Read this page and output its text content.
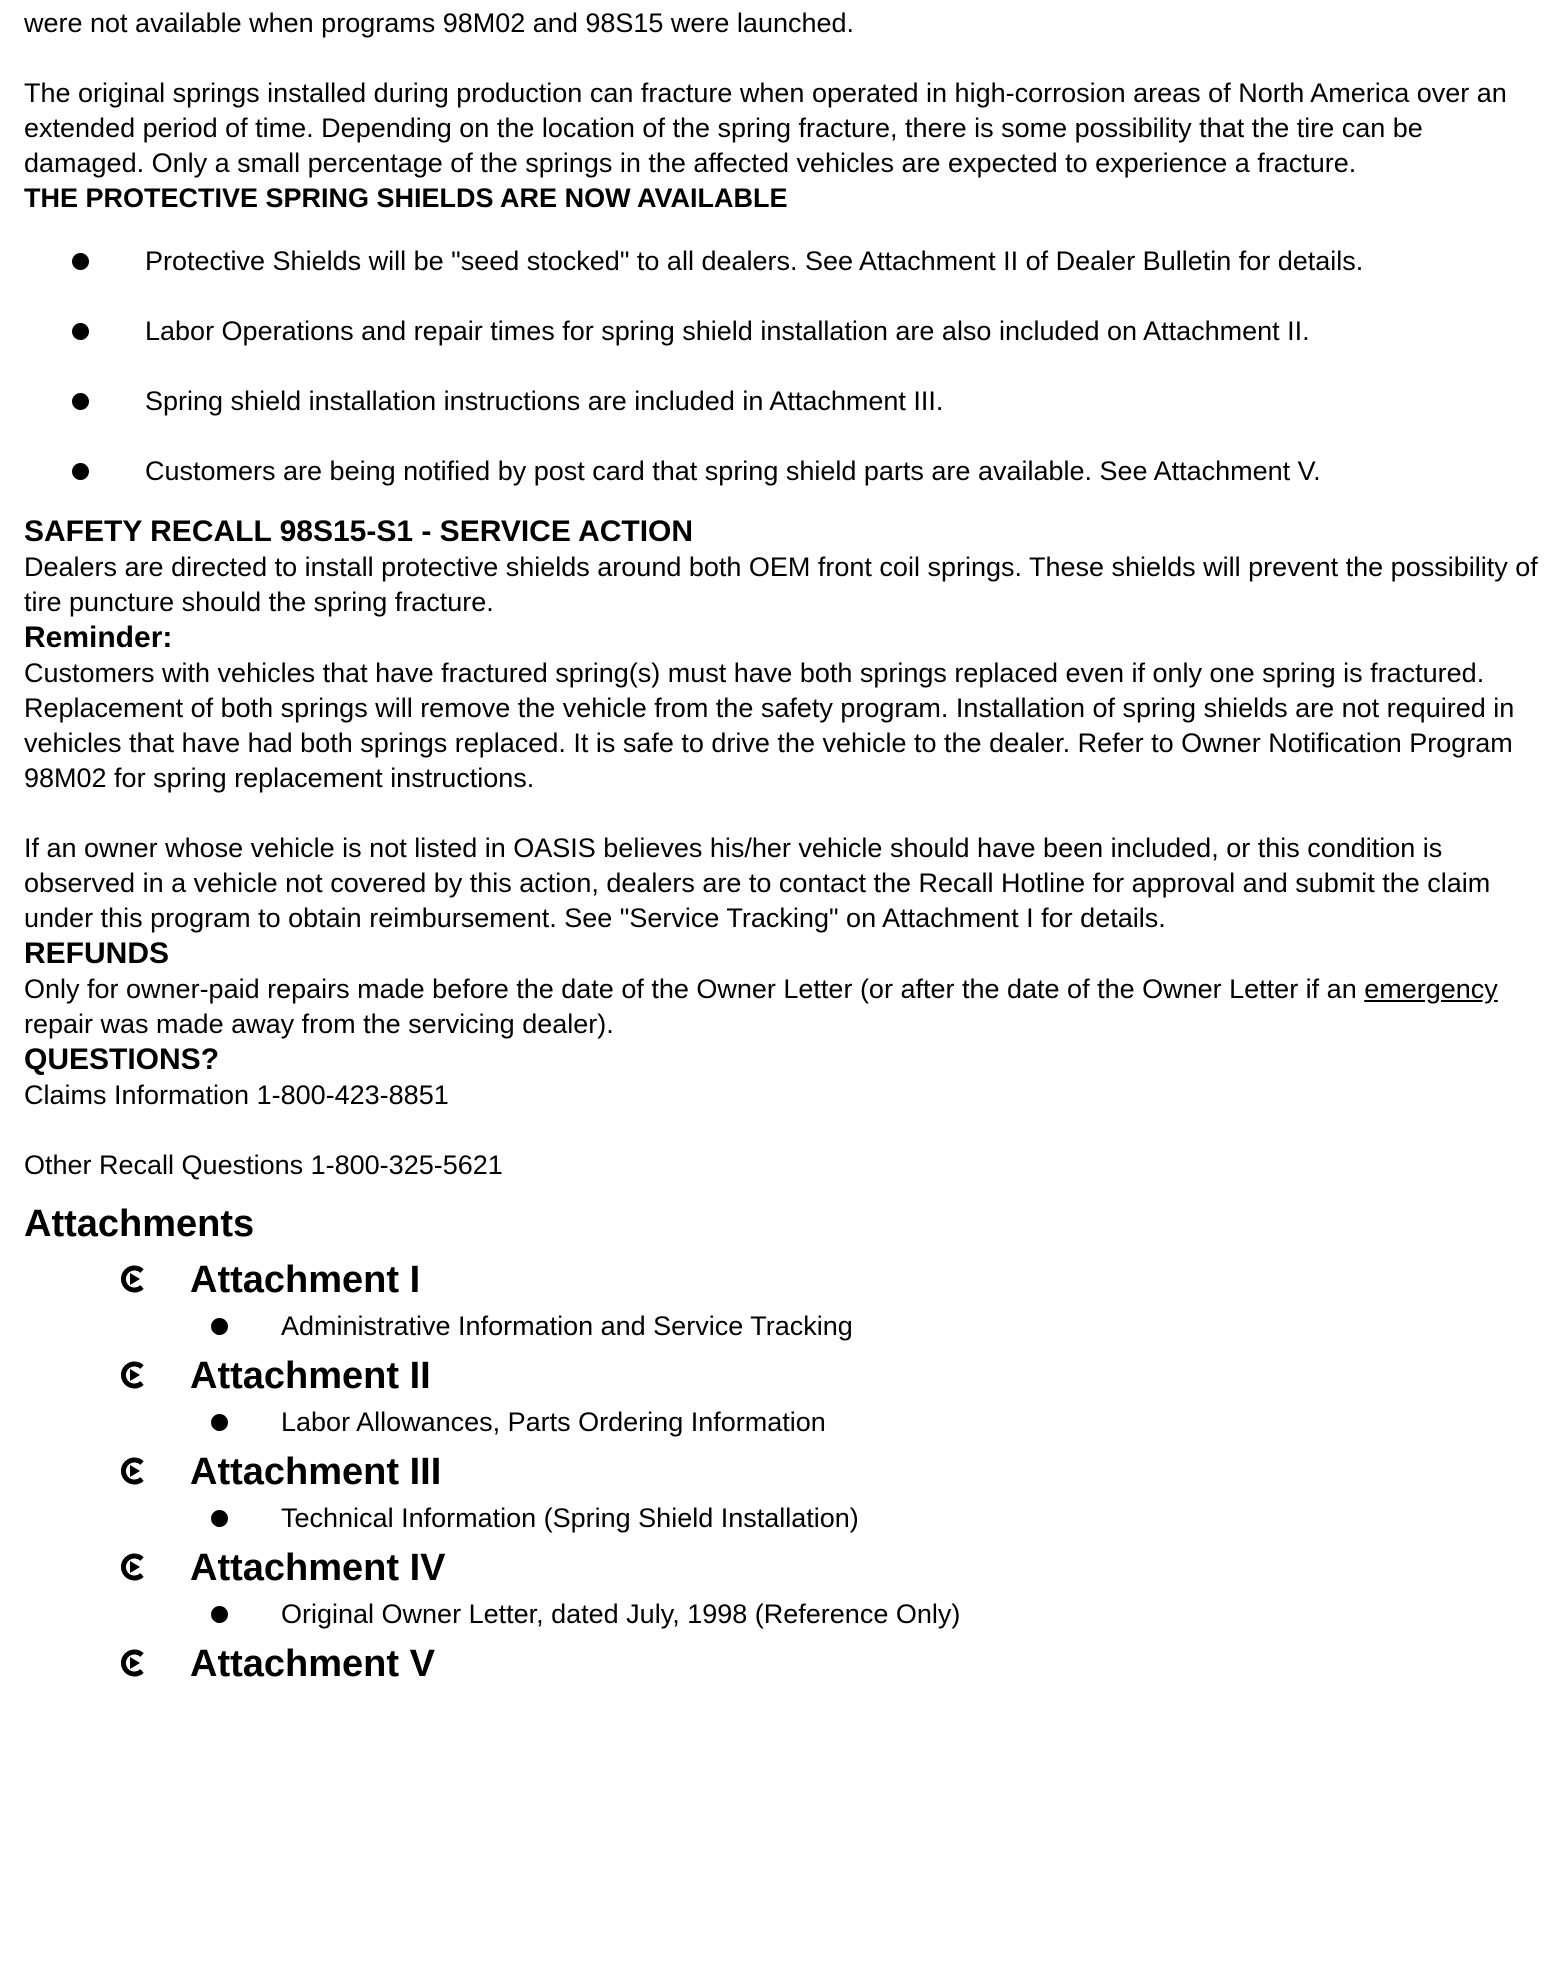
were not available when programs 98M02 and 98S15 were launched.

The original springs installed during production can fracture when operated in high-corrosion areas of North America over an extended period of time. Depending on the location of the spring fracture, there is some possibility that the tire can be damaged. Only a small percentage of the springs in the affected vehicles are expected to experience a fracture.

THE PROTECTIVE SPRING SHIELDS ARE NOW AVAILABLE

Protective Shields will be "seed stocked" to all dealers. See Attachment II of Dealer Bulletin for details.
Labor Operations and repair times for spring shield installation are also included on Attachment II.
Spring shield installation instructions are included in Attachment III.
Customers are being notified by post card that spring shield parts are available. See Attachment V.

SAFETY RECALL 98S15-S1 - SERVICE ACTION

Dealers are directed to install protective shields around both OEM front coil springs. These shields will prevent the possibility of tire puncture should the spring fracture.

Reminder:

Customers with vehicles that have fractured spring(s) must have both springs replaced even if only one spring is fractured. Replacement of both springs will remove the vehicle from the safety program. Installation of spring shields are not required in vehicles that have had both springs replaced. It is safe to drive the vehicle to the dealer. Refer to Owner Notification Program 98M02 for spring replacement instructions.

If an owner whose vehicle is not listed in OASIS believes his/her vehicle should have been included, or this condition is observed in a vehicle not covered by this action, dealers are to contact the Recall Hotline for approval and submit the claim under this program to obtain reimbursement. See "Service Tracking" on Attachment I for details.

REFUNDS

Only for owner-paid repairs made before the date of the Owner Letter (or after the date of the Owner Letter if an emergency repair was made away from the servicing dealer).

QUESTIONS?

Claims Information 1-800-423-8851

Other Recall Questions 1-800-325-5621

Attachments
Attachment I
Administrative Information and Service Tracking
Attachment II
Labor Allowances, Parts Ordering Information
Attachment III
Technical Information (Spring Shield Installation)
Attachment IV
Original Owner Letter, dated July, 1998 (Reference Only)
Attachment V
